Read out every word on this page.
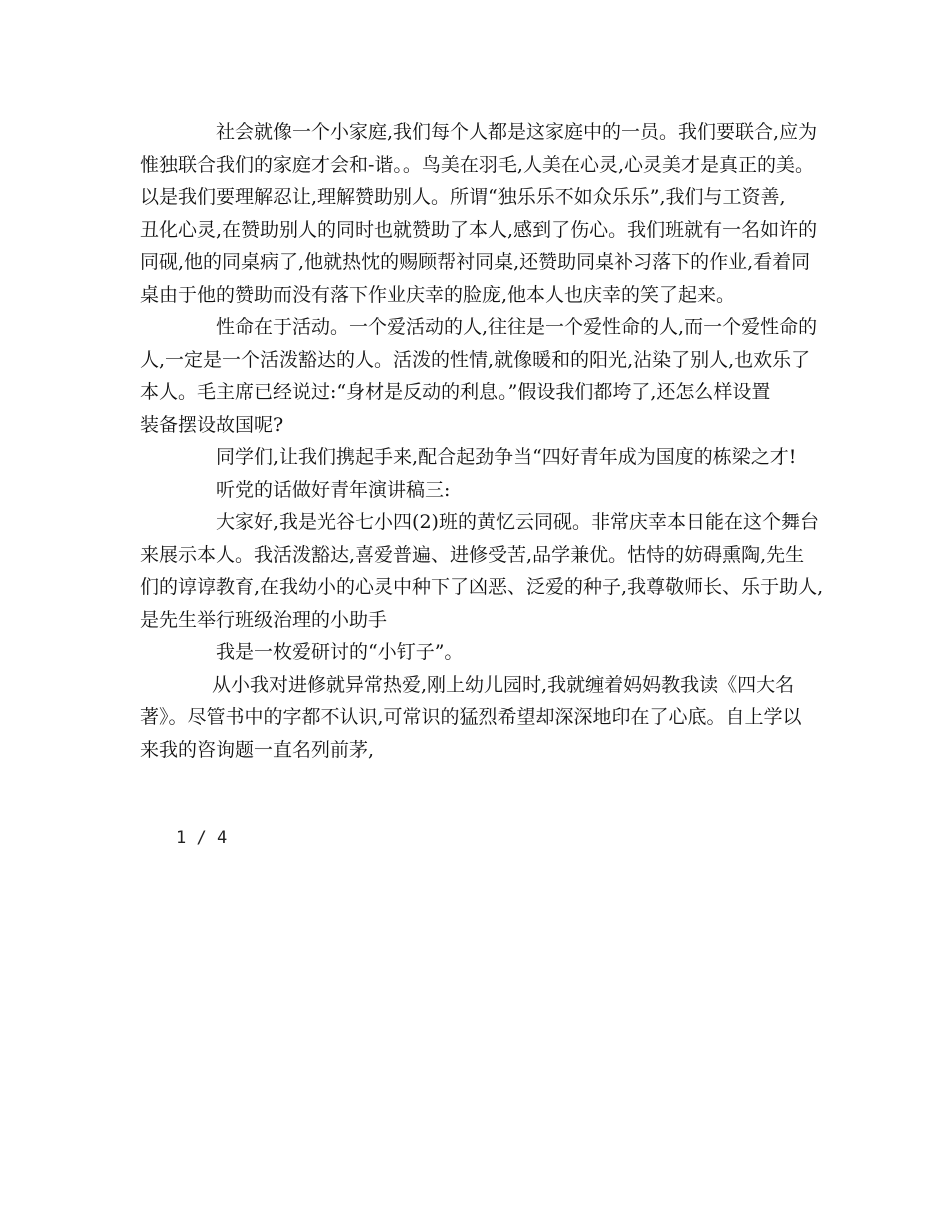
社会就像一个小家庭,我们每个人都是这家庭中的一员。我们要联合,应为
惟独联合我们的家庭才会和-谐。。鸟美在羽毛,人美在心灵,心灵美才是真正的美。
以是我们要理解忍让,理解赞助别人。所谓“独乐乐不如众乐乐”,我们与工资善,
丑化心灵,在赞助别人的同时也就赞助了本人,感到了伤心。我们班就有一名如许的
同砚,他的同桌病了,他就热忱的赐顾帮衬同桌,还赞助同桌补习落下的作业,看着同
桌由于他的赞助而没有落下作业庆幸的脸庞,他本人也庆幸的笑了起来。
性命在于活动。一个爱活动的人,往往是一个爱性命的人,而一个爱性命的
人,一定是一个活泼豁达的人。活泼的性情,就像暖和的阳光,沾染了别人,也欢乐了
本人。毛主席已经说过:“身材是反动的利息。”假设我们都垮了,还怎么样设置
装备摆设故国呢?
同学们,让我们携起手来,配合起劲争当“四好青年成为国度的栋梁之才!
听党的话做好青年演讲稿三:
大家好,我是光谷七小四(2)班的黄忆云同砚。非常庆幸本日能在这个舞台
来展示本人。我活泼豁达,喜爱普遍、进修受苦,品学兼优。怙恃的妨碍熏陶,先生
们的谆谆教育,在我幼小的心灵中种下了凶恶、泛爱的种子,我尊敬师长、乐于助人,
是先生举行班级治理的小助手
我是一枚爱研讨的“小钉子”。
从小我对进修就异常热爱,刚上幼儿园时,我就缠着妈妈教我读《四大名
著》。尽管书中的字都不认识,可常识的猛烈希望却深深地印在了心底。自上学以
来我的咨询题一直名列前茅,
1 / 4
